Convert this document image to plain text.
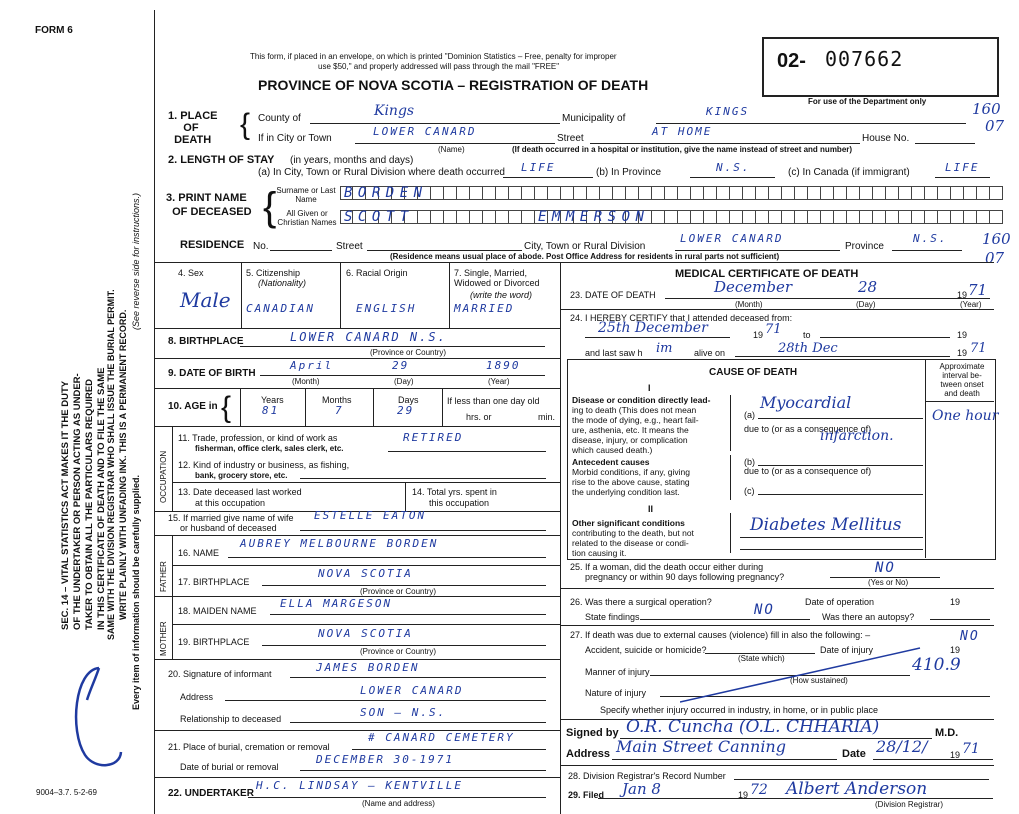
FORM 6
This form, if placed in an envelope, on which is printed "Dominion Statistics – Free, penalty for improper
use $50," and properly addressed will pass through the mail "FREE"
PROVINCE OF NOVA SCOTIA – REGISTRATION OF DEATH
02- 007662
For use of the Department only	160
07
SEC. 14 – VITAL STATISTICS ACT MAKES IT THE DUTY OF THE UNDERTAKER OR PERSON ACTING AS UNDER- TAKER TO OBTAIN ALL THE PARTICULARS REQUIRED IN THIS CERTIFICATE OF DEATH AND TO FILE THE SAME SAME WITH THE DIVISION REGISTRAR WHO SHALL ISSUE THE BURIAL PERMIT. WRITE PLAINLY WITH UNFADING INK. THIS IS A PERMANENT RECORD.
(See reverse side for instructions.)
Every item of information should be carefully supplied.
9004–3.7. 5-2-69
1. PLACE
OF
DEATH { County of	Kings	Municipality of
KINGS
If in City or Town
LOWER CANARD
(Name)
Street
AT HOME
House No.
(If death occurred in a hospital or institution, give the name instead of street and number)
2. LENGTH OF STAY (in years, months and days)
(a) In City, Town or Rural Division where death occurred LIFE	(b) In Province	N.S.	(c) In Canada (if immigrant)	LIFE
3. PRINT NAME
OF DECEASED { Surname or Last Name
All Given or Christian Names
BORDEN
SCOTT	EMMERSON
RESIDENCE No.	Street	City, Town or Rural Division
LOWER CANARD
Province
N.S.
(Residence means usual place of abode. Post Office Address for residents in rural parts not sufficient)
160
07
4. Sex
Male
5. Citizenship
(Nationality)
CANADIAN
6. Racial Origin
ENGLISH
7. Single, Married, Widowed or Divorced
(write the word)
MARRIED
8. BIRTHPLACE	LOWER CANARD N.S.
(Province or Country)
9. DATE OF BIRTH
April	29	1890
(Month)	(Day)	(Year)
10. AGE in {	Years	Months	Days
81	7	29
If less than one day old
hrs. or	min.
OCCUPATION
11. Trade, profession, or kind of work as
fisherman, office clerk, sales clerk, etc.
RETIRED
12. Kind of industry or business, as fishing,
bank, grocery store, etc.
13. Date deceased last worked
at this occupation
14. Total yrs. spent in
this occupation
15. If married give name of wife
or husband of deceased
ESTELLE EATON
FATHER
16. NAME
AUBREY MELBOURNE BORDEN
17. BIRTHPLACE
NOVA SCOTIA
(Province or Country)
MOTHER
18. MAIDEN NAME
ELLA MARGESON
19. BIRTHPLACE
NOVA SCOTIA
(Province or Country)
20. Signature of informant	JAMES BORDEN
Address	LOWER CANARD
Relationship to deceased	SON – N.S.
21. Place of burial, cremation or removal
# CANARD CEMETERY
Date of burial or removal
DECEMBER 30-1971
22. UNDERTAKER
H.C. LINDSAY – KENTVILLE
(Name and address)
MEDICAL CERTIFICATE OF DEATH
23. DATE OF DEATH	December	28	19 71
(Month)	(Day)	(Year)
24. I HEREBY CERTIFY that I attended deceased from:
25th December	19 71 to	19
and last saw h im alive on	28th Dec	19 71
CAUSE OF DEATH
Approximate
interval be-
tween onset
and death
I
Disease or condition directly lead-
ing to death (This does not mean
the mode of dying, e.g., heart fail-
ure, asthenia, etc. It means the
disease, injury, or complication
which caused death.)
(a)
Myocardial
due to (or as a consequence of)
infarction.
One hour
Antecedent causes
Morbid conditions, if any, giving
rise to the above cause, stating
the underlying condition last.
(b)
due to (or as a consequence of)
(c)
II
Other significant conditions
contributing to the death, but not
related to the disease or condi-
tion causing it.
Diabetes Mellitus
25. If a woman, did the death occur either during
pregnancy or within 90 days following pregnancy?
NO
(Yes or No)
26. Was there a surgical operation?	Date of operation	19
State findings	NO	Was there an autopsy?
27. If death was due to external causes (violence) fill in also the following: –	NO
Accident, suicide or homicide?
(State which)
Date of injury	19
410.9
Manner of injury
(How sustained)
Nature of injury
Specify whether injury occurred in industry, in home, or in public place
Signed by O.R. Cuncha (O.L. CHHARIA)	M.D.
Address Main Street Canning	Date 28/12/	19 71
28. Division Registrar's Record Number
29. Filed Jan 8	19 72 Albert Anderson
(Division Registrar)
